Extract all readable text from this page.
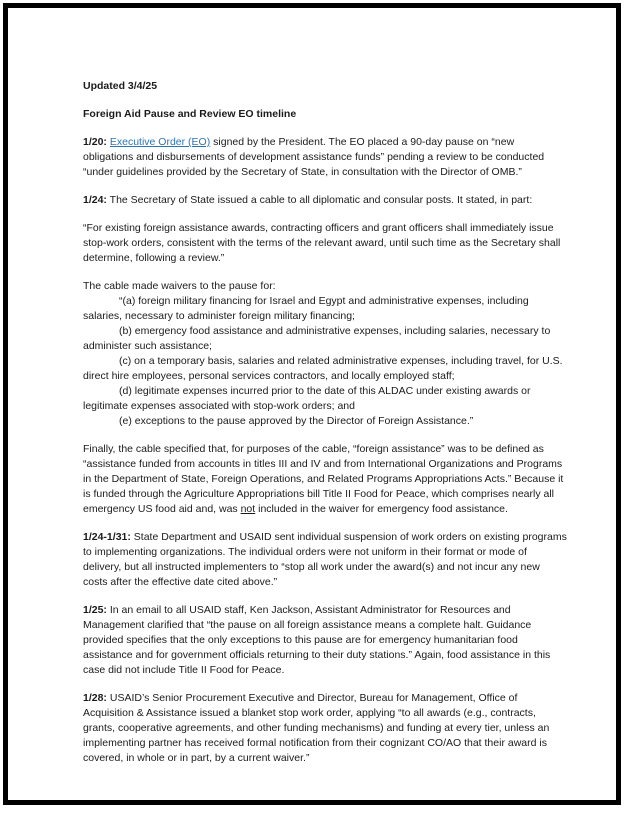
Updated 3/4/25
Foreign Aid Pause and Review EO timeline
1/20: Executive Order (EO) signed by the President. The EO placed a 90-day pause on “new obligations and disbursements of development assistance funds” pending a review to be conducted “under guidelines provided by the Secretary of State, in consultation with the Director of OMB.”
1/24: The Secretary of State issued a cable to all diplomatic and consular posts. It stated, in part:
“For existing foreign assistance awards, contracting officers and grant officers shall immediately issue stop-work orders, consistent with the terms of the relevant award, until such time as the Secretary shall determine, following a review.”
The cable made waivers to the pause for:
“(a) foreign military financing for Israel and Egypt and administrative expenses, including salaries, necessary to administer foreign military financing;
(b) emergency food assistance and administrative expenses, including salaries, necessary to administer such assistance;
(c) on a temporary basis, salaries and related administrative expenses, including travel, for U.S. direct hire employees, personal services contractors, and locally employed staff;
(d) legitimate expenses incurred prior to the date of this ALDAC under existing awards or legitimate expenses associated with stop-work orders; and
(e) exceptions to the pause approved by the Director of Foreign Assistance.”
Finally, the cable specified that, for purposes of the cable, “foreign assistance” was to be defined as “assistance funded from accounts in titles III and IV and from International Organizations and Programs in the Department of State, Foreign Operations, and Related Programs Appropriations Acts.” Because it is funded through the Agriculture Appropriations bill Title II Food for Peace, which comprises nearly all emergency US food aid and, was not included in the waiver for emergency food assistance.
1/24-1/31: State Department and USAID sent individual suspension of work orders on existing programs to implementing organizations. The individual orders were not uniform in their format or mode of delivery, but all instructed implementers to “stop all work under the award(s) and not incur any new costs after the effective date cited above.”
1/25: In an email to all USAID staff, Ken Jackson, Assistant Administrator for Resources and Management clarified that “the pause on all foreign assistance means a complete halt. Guidance provided specifies that the only exceptions to this pause are for emergency humanitarian food assistance and for government officials returning to their duty stations.” Again, food assistance in this case did not include Title II Food for Peace.
1/28: USAID’s Senior Procurement Executive and Director, Bureau for Management, Office of Acquisition & Assistance issued a blanket stop work order, applying “to all awards (e.g., contracts, grants, cooperative agreements, and other funding mechanisms) and funding at every tier, unless an implementing partner has received formal notification from their cognizant CO/AO that their award is covered, in whole or in part, by a current waiver.”
